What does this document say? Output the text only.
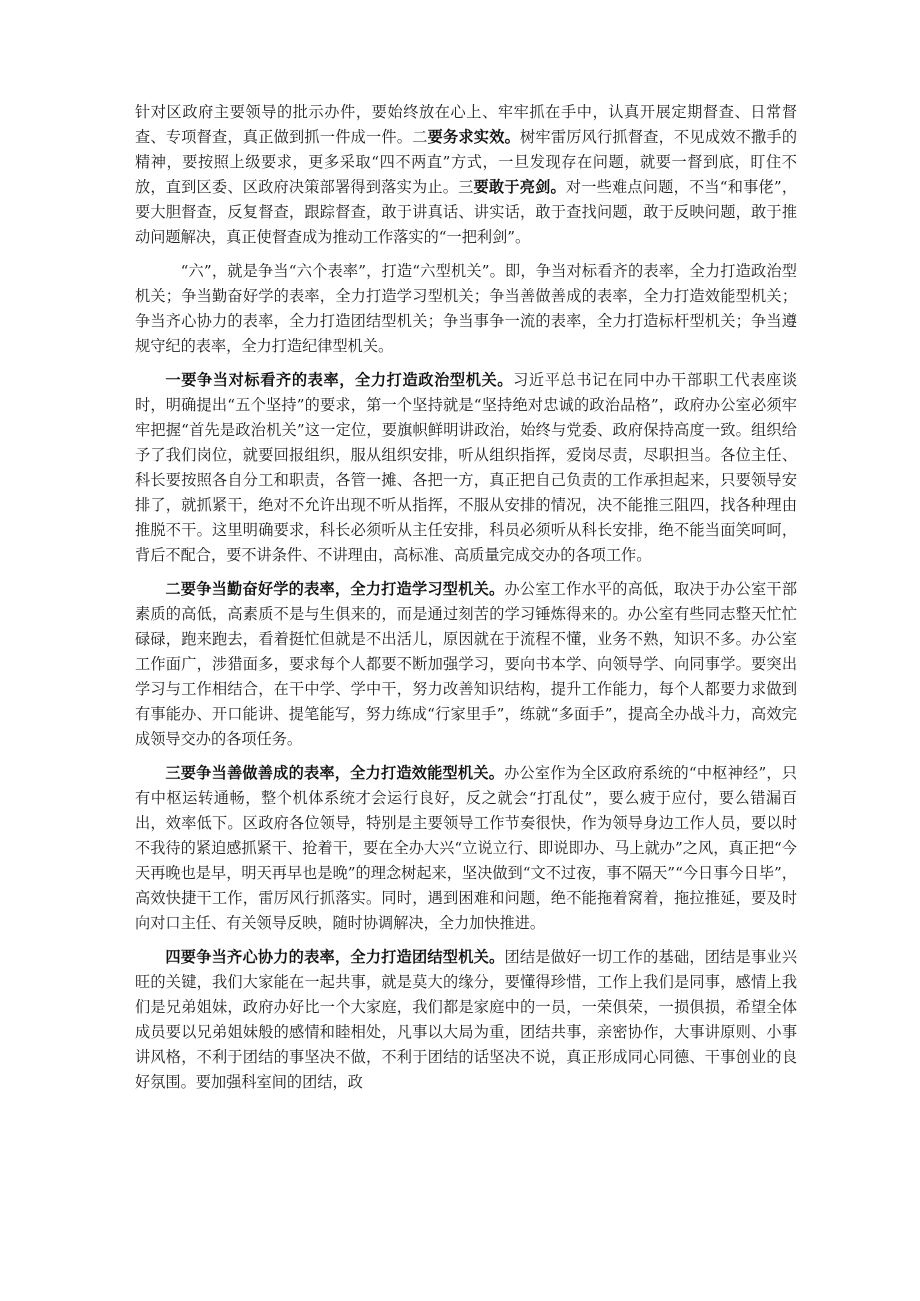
针对区政府主要领导的批示办件，要始终放在心上、牢牢抓在手中，认真开展定期督查、日常督查、专项督查，真正做到抓一件成一件。二要务求实效。树牢雷厉风行抓督查，不见成效不撒手的精神，要按照上级要求，更多采取“四不两直”方式，一旦发现存在问题，就要一督到底，盯住不放，直到区委、区政府决策部署得到落实为止。三要敢于亮剑。对一些难点问题，不当“和事佬”，要大胆督查，反复督查，跟踪督查，敢于讲真话、讲实话，敢于查找问题，敢于反映问题，敢于推动问题解决，真正使督查成为推动工作落实的“一把利剑”。

“六”，就是争当“六个表率”，打造“六型机关”。即，争当对标看齐的表率，全力打造政治型机关；争当勤奋好学的表率，全力打造学习型机关；争当善做善成的表率，全力打造效能型机关；争当齐心协力的表率，全力打造团结型机关；争当事争一流的表率，全力打造标杆型机关；争当遵规守纪的表率，全力打造纪律型机关。

一要争当对标看齐的表率，全力打造政治型机关。习近平总书记在同中办干部职工代表座谈时，明确提出“五个坚持”的要求，第一个坚持就是“坚持绝对忠诚的政治品格”，政府办公室必须牢牢把握“首先是政治机关”这一定位，要旗帜鲜明讲政治，始终与党委、政府保持高度一致。组织给予了我们岗位，就要回报组织，服从组织安排，听从组织指挥，爱岗尽责，尽职担当。各位主任、科长要按照各自分工和职责，各管一摊、各把一方，真正把自己负责的工作承担起来，只要领导安排了，就抓紧干，绝对不允许出现不听从指挥，不服从安排的情况，决不能推三阻四，找各种理由推脱不干。这里明确要求，科长必须听从主任安排，科员必须听从科长安排，绝不能当面笑呵呵，背后不配合，要不讲条件、不讲理由，高标准、高质量完成交办的各项工作。

二要争当勤奋好学的表率，全力打造学习型机关。办公室工作水平的高低，取决于办公室干部素质的高低，高素质不是与生俱来的，而是通过刻苦的学习锤炼得来的。办公室有些同志整天忙忙碌碌，跑来跑去，看着挺忙但就是不出活儿，原因就在于流程不懂，业务不熟，知识不多。办公室工作面广，涉猎面多，要求每个人都要不断加强学习，要向书本学、向领导学、向同事学。要突出学习与工作相结合，在干中学、学中干，努力改善知识结构，提升工作能力，每个人都要力求做到有事能办、开口能讲、提笔能写，努力练成“行家里手”，练就“多面手”，提高全办战斗力，高效完成领导交办的各项任务。

三要争当善做善成的表率，全力打造效能型机关。办公室作为全区政府系统的“中枢神经”，只有中枢运转通畅，整个机体系统才会运行良好，反之就会“打乱仗”，要么疲于应付，要么错漏百出，效率低下。区政府各位领导，特别是主要领导工作节奏很快，作为领导身边工作人员，要以时不我待的紧迫感抓紧干、抢着干，要在全办大兴“立说立行、即说即办、马上就办”之风，真正把“今天再晚也是早，明天再早也是晚”的理念树起来，坚决做到“文不过夜，事不隔天”“今日事今日毕”，高效快捷干工作，雷厉风行抓落实。同时，遇到困难和问题，绝不能拖着窝着，拖拉推延，要及时向对口主任、有关领导反映，随时协调解决，全力加快推进。

四要争当齐心协力的表率，全力打造团结型机关。团结是做好一切工作的基础，团结是事业兴旺的关键，我们大家能在一起共事，就是莫大的缘分，要懂得珍惜，工作上我们是同事，感情上我们是兄弟姐妹，政府办好比一个大家庭，我们都是家庭中的一员，一荣俱荣，一损俱损，希望全体成员要以兄弟姐妹般的感情和睦相处，凡事以大局为重，团结共事，亲密协作，大事讲原则、小事讲风格，不利于团结的事坚决不做，不利于团结的话坚决不说，真正形成同心同德、干事创业的良好氛围。要加强科室间的团结，政
